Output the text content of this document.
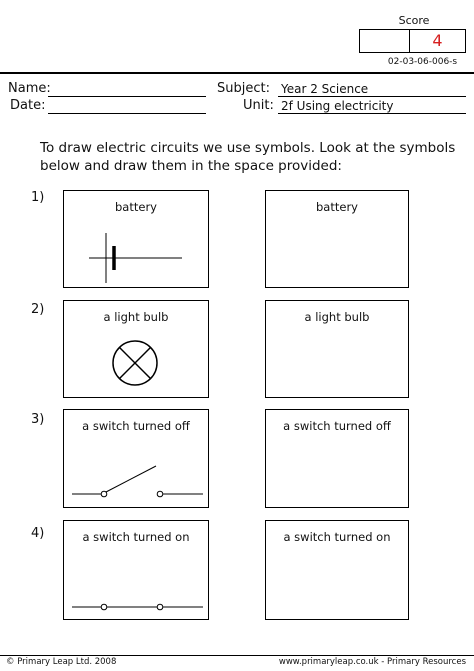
Score
4
02-03-06-006-s
Name:
Date:
Subject: Year 2 Science
Unit: 2f Using electricity
To draw electric circuits we use symbols. Look at the symbols below and draw them in the space provided:
1)
battery	battery
2)	a light bulb	a light bulb
3)	a switch turned off	a switch turned off
4)	a switch turned on	a switch turned on
© Primary Leap Ltd. 2008	www.primaryleap.co.uk - Primary Resources
